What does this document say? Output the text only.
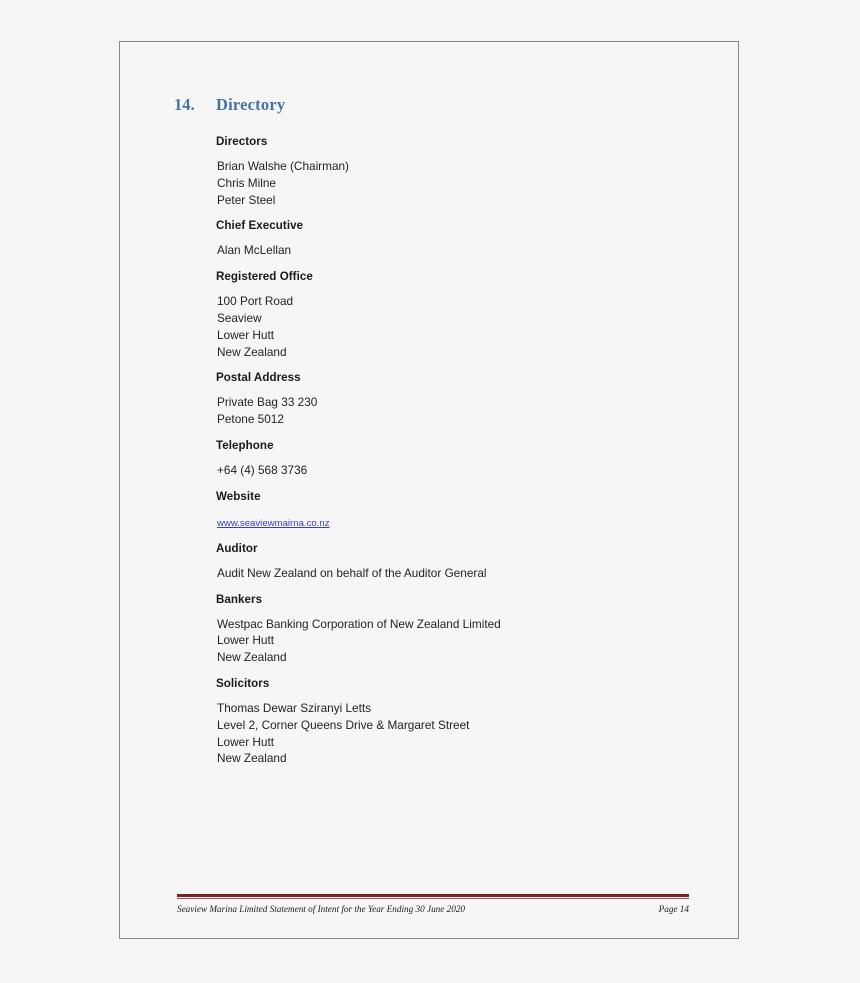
14.	Directory
Directors
Brian Walshe (Chairman)
Chris Milne
Peter Steel
Chief Executive
Alan McLellan
Registered Office
100 Port Road
Seaview
Lower Hutt
New Zealand
Postal Address
Private Bag 33 230
Petone 5012
Telephone
+64 (4) 568 3736
Website
www.seaviewmairna.co.nz
Auditor
Audit New Zealand on behalf of the Auditor General
Bankers
Westpac Banking Corporation of New Zealand Limited
Lower Hutt
New Zealand
Solicitors
Thomas Dewar Sziranyi Letts
Level 2, Corner Queens Drive & Margaret Street
Lower Hutt
New Zealand
Seaview Marina Limited Statement of Intent for the Year Ending 30 June 2020	Page 14
